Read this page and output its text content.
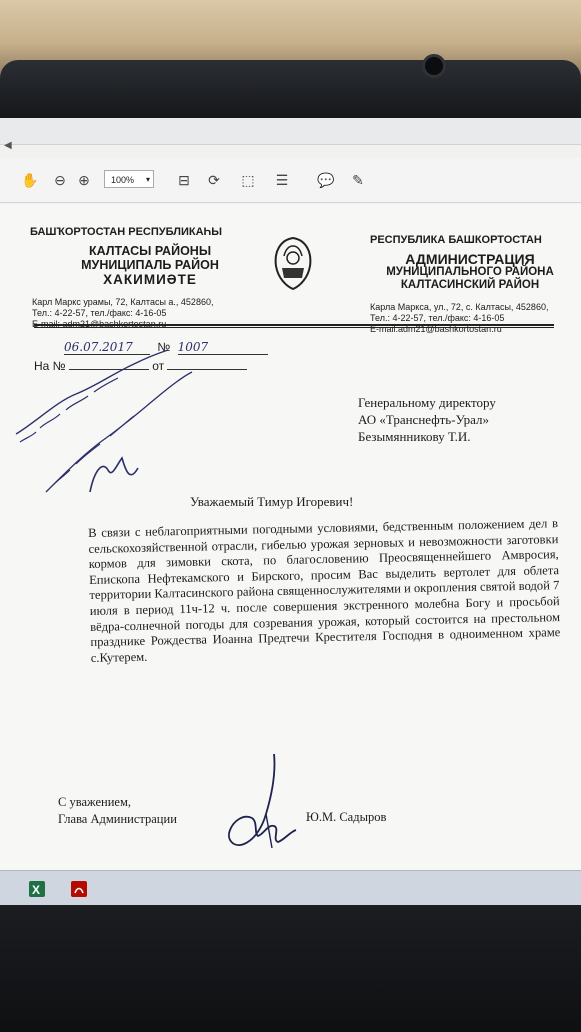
◀
✋ ⊖ ⊕	100% ▾ ⊟ ⟳ ⬚ ☰ 💬 ✎
БАШҠОРТОСТАН РЕСПУБЛИКАҺЫ
КАЛТАСЫ РАЙОНЫ
МУНИЦИПАЛЬ РАЙОН
ХАКИМИӘТЕ
Карл Маркс урамы, 72, Калтасы а., 452860,
Тел.: 4-22-57, тел./факс: 4-16-05
E-mail: adm21@bashkortostan.ru
РЕСПУБЛИКА БАШКОРТОСТАН
АДМИНИСТРАЦИЯ
МУНИЦИПАЛЬНОГО РАЙОНА
КАЛТАСИНСКИЙ РАЙОН
Карла Маркса, ул., 72, с. Калтасы, 452860,
Тел.: 4-22-57, тел./факс: 4-16-05
E-mail:adm21@bashkortostan.ru
06.07.2017 № 1007
На №	от
Генеральному директору
АО «Транснефть-Урал»
Безымянникову Т.И.
Уважаемый Тимур Игоревич!
В связи с неблагоприятными погодными условиями, бедственным положением дел в сельскохозяйственной отрасли, гибелью урожая зерновых и невозможности заготовки кормов для зимовки скота, по благословению Преосвященнейшего Амвросия, Епископа Нефтекамского и Бирского, просим Вас выделить вертолет для облета территории Калтасинского района священнослужителями и окропления святой водой 7 июля в период 11ч-12 ч. после совершения экстренного молебна Богу и просьбой вёдра-солнечной погоды для созревания урожая, который состоится на престольном празднике Рождества Иоанна Предтечи Крестителя Господня в одноименном храме с.Кутерем.
С уважением,
Глава Администрации	Ю.М. Садыров
X
